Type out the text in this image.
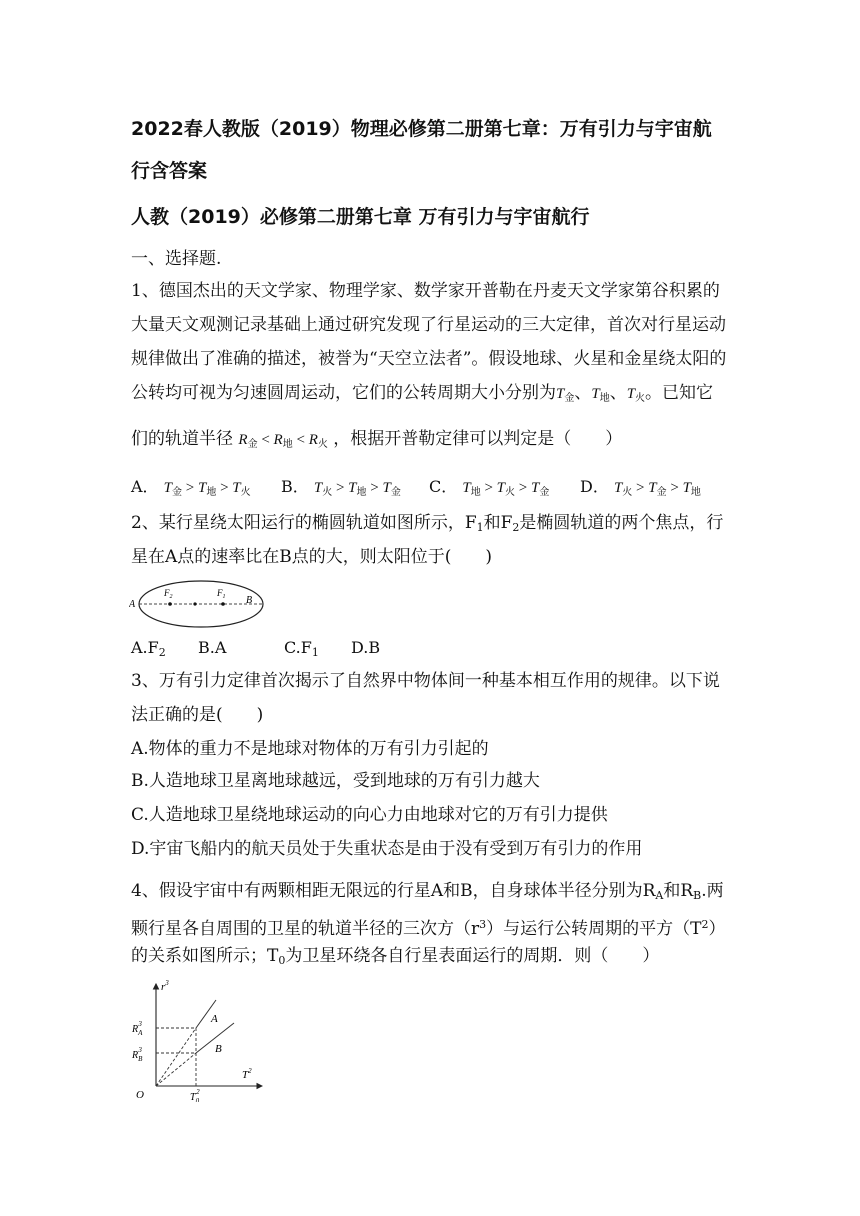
2022春人教版（2019）物理必修第二册第七章：万有引力与宇宙航
行含答案
人教（2019）必修第二册第七章 万有引力与宇宙航行
一、选择题.
1、德国杰出的天文学家、物理学家、数学家开普勒在丹麦天文学家第谷积累的
大量天文观测记录基础上通过研究发现了行星运动的三大定律，首次对行星运动
规律做出了准确的描述，被誉为“天空立法者”。假设地球、火星和金星绕太阳的
公转均可视为匀速圆周运动，它们的公转周期大小分别为$T_金$、$T_地$、$T_火$。已知它
们的轨道半径 $R_金 < R_地 < R_火$ ，根据开普勒定律可以判定是（　　）
A． $T_金 > T_地 > T_火$ B． $T_火 > T_地 > T_金$ C． $T_地 > T_火 > T_金$ D． $T_火 > T_金 > T_地$
2、某行星绕太阳运行的椭圆轨道如图所示，$F_1$和$F_2$是椭圆轨道的两个焦点，行
星在A点的速率比在B点的大，则太阳位于(　　)
A	B
$F_2$	$F_1$
$A.F_2$ B.A	$C.F_1$ D.B
3、万有引力定律首次揭示了自然界中物体间一种基本相互作用的规律。以下说
法正确的是(　　)
A.物体的重力不是地球对物体的万有引力引起的
B.人造地球卫星离地球越远，受到地球的万有引力越大
C.人造地球卫星绕地球运动的向心力由地球对它的万有引力提供
D.宇宙飞船内的航天员处于失重状态是由于没有受到万有引力的作用
4、假设宇宙中有两颗相距无限远的行星A和B，自身球体半径分别为$R_A$和$R_B$.两
颗行星各自周围的卫星的轨道半径的三次方$(r^3)$与运行公转周期的平方$(T^2)$
的关系如图所示；$T_0$为卫星环绕各自行星表面运行的周期．则（　　）
$r^3$
$T^2$
O
A
B
$R_A3$
$R_B3$
$T_02$
